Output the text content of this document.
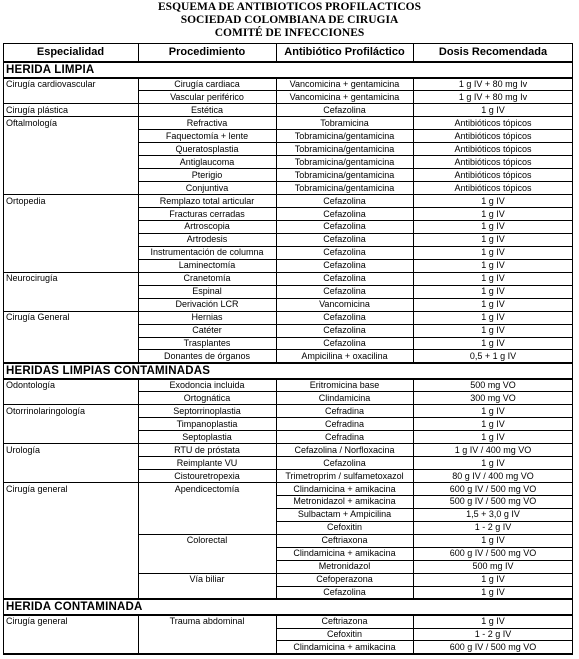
ESQUEMA DE ANTIBIOTICOS PROFILACTICOS
SOCIEDAD COLOMBIANA DE CIRUGIA
COMITÉ DE INFECCIONES
Especialidad	Procedimiento	Antibiótico Profiláctico	Dosis Recomendada
HERIDA LIMPIA
Cirugía cardiovascular	Cirugía cardiaca	Vancomicina + gentamicina	1 g IV + 80 mg Iv
Vascular periférico	Vancomicina + gentamicina	1 g IV + 80 mg Iv
Cirugía plástica	Estética	Cefazolina	1 g IV
Oftalmología	Refractiva	Tobramicina	Antibióticos tópicos
Faquectomía + lente	Tobramicina/gentamicina	Antibióticos tópicos
Queratosplastia	Tobramicina/gentamicina	Antibióticos tópicos
Antiglaucoma	Tobramicina/gentamicina	Antibióticos tópicos
Pterigio	Tobramicina/gentamicina	Antibióticos tópicos
Conjuntiva	Tobramicina/gentamicina	Antibióticos tópicos
Ortopedia	Remplazo total articular	Cefazolina	1 g IV
Fracturas cerradas	Cefazolina	1 g IV
Artroscopia	Cefazolina	1 g IV
Artrodesis	Cefazolina	1 g IV
Instrumentación de columna	Cefazolina	1 g IV
Laminectomía	Cefazolina	1 g IV
Neurocirugía	Cranetomía	Cefazolina	1 g IV
Espinal	Cefazolina	1 g IV
Derivación LCR	Vancomicina	1 g IV
Cirugía General	Hernias	Cefazolina	1 g IV
Catéter	Cefazolina	1 g IV
Trasplantes	Cefazolina	1 g IV
Donantes de órganos	Ampicilina + oxacilina	0,5 + 1 g IV
HERIDAS LIMPIAS CONTAMINADAS
Odontología	Exodoncia incluida	Eritromicina base	500 mg VO
Ortognática	Clindamicina	300 mg VO
Otorrinolaringología	Septorrinoplastia	Cefradina	1 g IV
Timpanoplastia	Cefradina	1 g IV
Septoplastia	Cefradina	1 g IV
Urología	RTU de próstata	Cefazolina / Norfloxacina	1 g IV / 400 mg VO
Reimplante VU	Cefazolina	1 g IV
Cistouretropexia	Trimetroprim / sulfametoxazol	80 g IV / 400 mg VO
Cirugía general	Apendicectomía	Clindamicina + amikacina	600 g IV / 500 mg VO
Metronidazol + amikacina	500 g IV / 500 mg VO
Sulbactam + Ampicilina	1,5 + 3,0 g IV
Cefoxitin	1 - 2 g IV
Colorectal	Ceftriaxona	1 g IV
Clindamicina + amikacina	600 g IV / 500 mg VO
Metronidazol	500 mg IV
Vía biliar	Cefoperazona	1 g IV
Cefazolina	1 g IV
HERIDA CONTAMINADA
Cirugía general	Trauma abdominal	Ceftriazona	1 g IV
Cefoxitin	1 - 2 g IV
Clindamicina + amikacina	600 g IV / 500 mg VO
